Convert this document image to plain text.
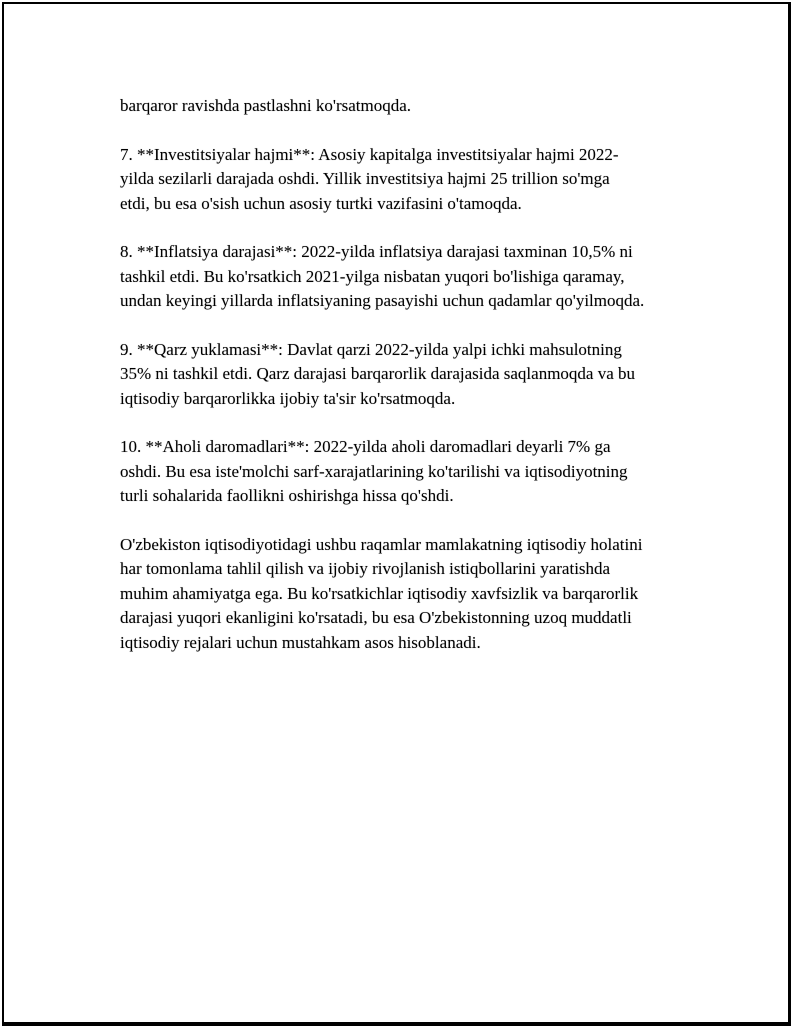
barqaror ravishda pastlashni ko'rsatmoqda.

7. **Investitsiyalar hajmi**: Asosiy kapitalga investitsiyalar hajmi 2022-
yilda sezilarli darajada oshdi. Yillik investitsiya hajmi 25 trillion so'mga
etdi, bu esa o'sish uchun asosiy turtki vazifasini o'tamoqda.

8. **Inflatsiya darajasi**: 2022-yilda inflatsiya darajasi taxminan 10,5% ni
tashkil etdi. Bu ko'rsatkich 2021-yilga nisbatan yuqori bo'lishiga qaramay,
undan keyingi yillarda inflatsiyaning pasayishi uchun qadamlar qo'yilmoqda.

9. **Qarz yuklamasi**: Davlat qarzi 2022-yilda yalpi ichki mahsulotning
35% ni tashkil etdi. Qarz darajasi barqarorlik darajasida saqlanmoqda va bu
iqtisodiy barqarorlikka ijobiy ta'sir ko'rsatmoqda.

10. **Aholi daromadlari**: 2022-yilda aholi daromadlari deyarli 7% ga
oshdi. Bu esa iste'molchi sarf-xarajatlarining ko'tarilishi va iqtisodiyotning
turli sohalarida faollikni oshirishga hissa qo'shdi.

O'zbekiston iqtisodiyotidagi ushbu raqamlar mamlakatning iqtisodiy holatini
har tomonlama tahlil qilish va ijobiy rivojlanish istiqbollarini yaratishda
muhim ahamiyatga ega. Bu ko'rsatkichlar iqtisodiy xavfsizlik va barqarorlik
darajasi yuqori ekanligini ko'rsatadi, bu esa O'zbekistonning uzoq muddatli
iqtisodiy rejalari uchun mustahkam asos hisoblanadi.
